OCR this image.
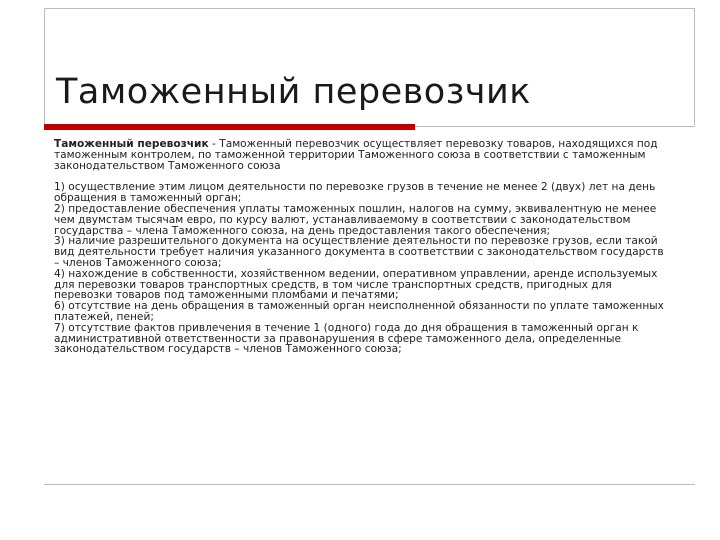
Таможенный перевозчик

Таможенный перевозчик - Таможенный перевозчик осуществляет перевозку товаров, находящихся под таможенным контролем, по таможенной территории Таможенного союза в соответствии с таможенным законодательством Таможенного союза

1) осуществление этим лицом деятельности по перевозке грузов в течение не менее 2 (двух) лет на день обращения в таможенный орган;
2) предоставление обеспечения уплаты таможенных пошлин, налогов на сумму, эквивалентную не менее чем двумстам тысячам евро, по курсу валют, устанавливаемому в соответствии с законодательством государства – члена Таможенного союза, на день предоставления такого обеспечения;
3) наличие разрешительного документа на осуществление деятельности по перевозке грузов, если такой вид деятельности требует наличия указанного документа в соответствии с законодательством государств – членов Таможенного союза;
4) нахождение в собственности, хозяйственном ведении, оперативном управлении, аренде используемых для перевозки товаров транспортных средств, в том числе транспортных средств, пригодных для перевозки товаров под таможенными пломбами и печатями;
6) отсутствие на день обращения в таможенный орган неисполненной обязанности по уплате таможенных платежей, пеней;
7) отсутствие фактов привлечения в течение 1 (одного) года до дня обращения в таможенный орган к административной ответственности за правонарушения в сфере таможенного дела, определенные законодательством государств – членов Таможенного союза;
